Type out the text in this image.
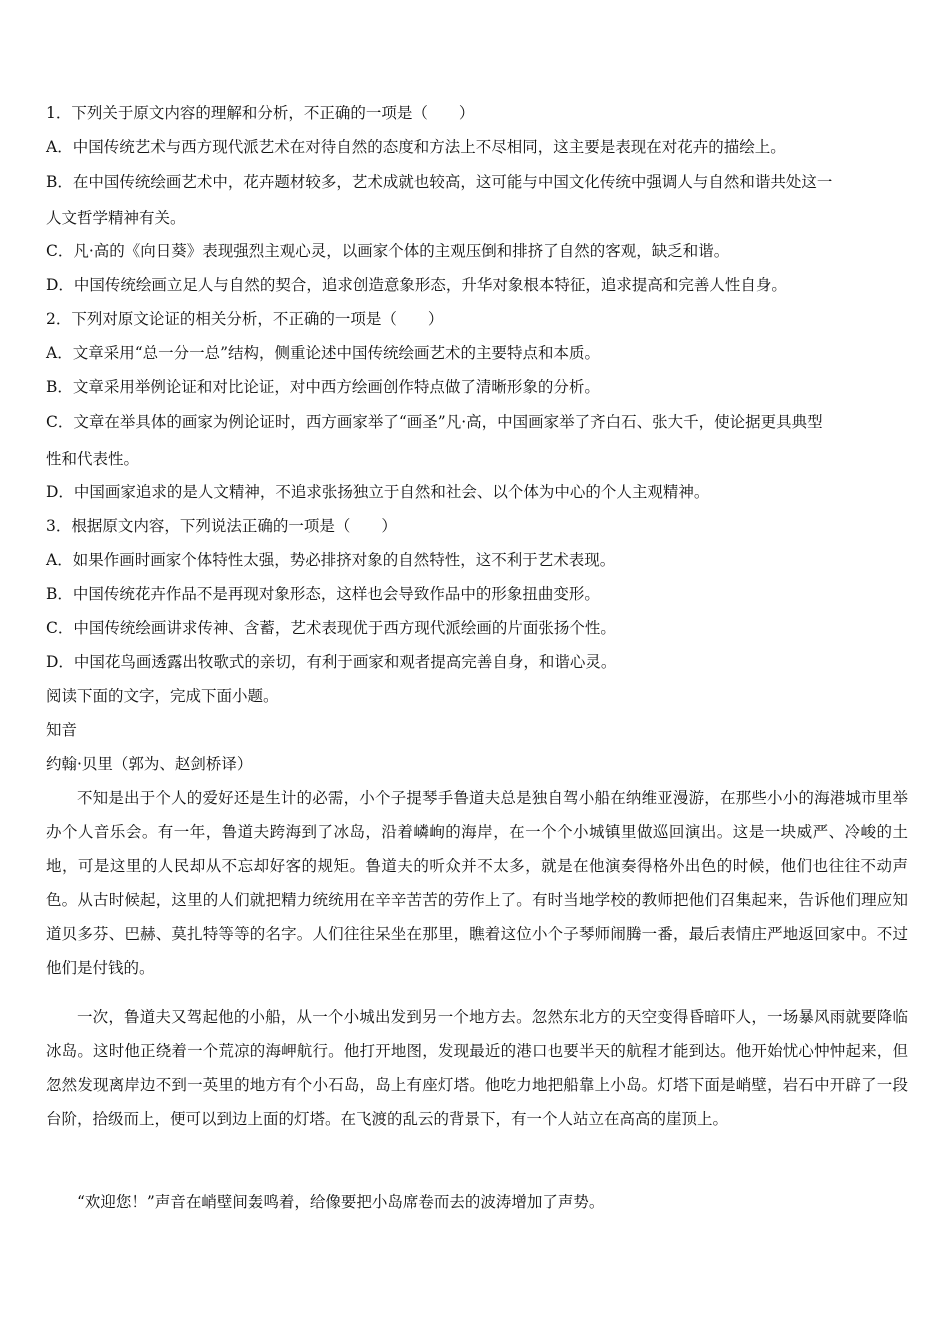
1．下列关于原文内容的理解和分析，不正确的一项是（　　）
A．中国传统艺术与西方现代派艺术在对待自然的态度和方法上不尽相同，这主要是表现在对花卉的描绘上。
B．在中国传统绘画艺术中，花卉题材较多，艺术成就也较高，这可能与中国文化传统中强调人与自然和谐共处这一
人文哲学精神有关。
C．凡·高的《向日葵》表现强烈主观心灵，以画家个体的主观压倒和排挤了自然的客观，缺乏和谐。
D．中国传统绘画立足人与自然的契合，追求创造意象形态，升华对象根本特征，追求提高和完善人性自身。
2．下列对原文论证的相关分析，不正确的一项是（　　）
A．文章采用“总一分一总”结构，侧重论述中国传统绘画艺术的主要特点和本质。
B．文章采用举例论证和对比论证，对中西方绘画创作特点做了清晰形象的分析。
C．文章在举具体的画家为例论证时，西方画家举了“画圣”凡·高，中国画家举了齐白石、张大千，使论据更具典型
性和代表性。
D．中国画家追求的是人文精神，不追求张扬独立于自然和社会、以个体为中心的个人主观精神。
3．根据原文内容，下列说法正确的一项是（　　）
A．如果作画时画家个体特性太强，势必排挤对象的自然特性，这不利于艺术表现。
B．中国传统花卉作品不是再现对象形态，这样也会导致作品中的形象扭曲变形。
C．中国传统绘画讲求传神、含蓄，艺术表现优于西方现代派绘画的片面张扬个性。
D．中国花鸟画透露出牧歌式的亲切，有利于画家和观者提高完善自身，和谐心灵。
阅读下面的文字，完成下面小题。
知音
约翰·贝里（郭为、赵剑桥译）
不知是出于个人的爱好还是生计的必需，小个子提琴手鲁道夫总是独自驾小船在纳维亚漫游，在那些小小的海港城市里举办个人音乐会。有一年，鲁道夫跨海到了冰岛，沿着嶙峋的海岸，在一个个小城镇里做巡回演出。这是一块威严、冷峻的土地，可是这里的人民却从不忘却好客的规矩。鲁道夫的听众并不太多，就是在他演奏得格外出色的时候，他们也往往不动声色。从古时候起，这里的人们就把精力统统用在辛辛苦苦的劳作上了。有时当地学校的教师把他们召集起来，告诉他们理应知道贝多芬、巴赫、莫扎特等等的名字。人们往往呆坐在那里，瞧着这位小个子琴师闹腾一番，最后表情庄严地返回家中。不过他们是付钱的。
一次，鲁道夫又驾起他的小船，从一个小城出发到另一个地方去。忽然东北方的天空变得昏暗吓人，一场暴风雨就要降临冰岛。这时他正绕着一个荒凉的海岬航行。他打开地图，发现最近的港口也要半天的航程才能到达。他开始忧心忡忡起来，但忽然发现离岸边不到一英里的地方有个小石岛，岛上有座灯塔。他吃力地把船靠上小岛。灯塔下面是峭壁，岩石中开辟了一段台阶，拾级而上，便可以到边上面的灯塔。在飞渡的乱云的背景下，有一个人站立在高高的崖顶上。
“欢迎您！”声音在峭壁间轰鸣着，给像要把小岛席卷而去的波涛增加了声势。
